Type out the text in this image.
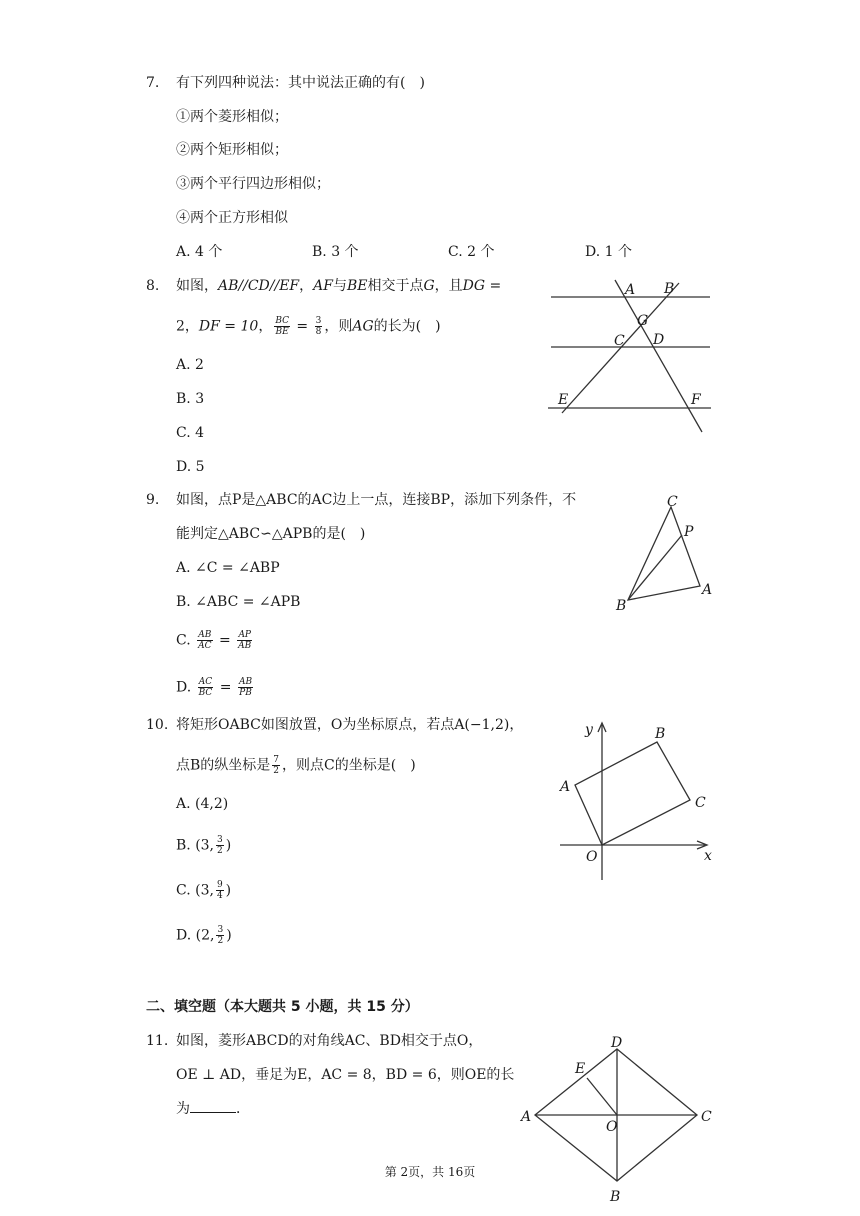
7. 有下列四种说法：其中说法正确的有(  )
①两个菱形相似；
②两个矩形相似；
③两个平行四边形相似；
④两个正方形相似
A. 4 个	B. 3 个	C. 2 个	D. 1 个
8. 如图，AB//CD//EF，AF与BE相交于点G，且DG =
2，DF = 10， $\frac{BC}{BE} = \frac{3}{8}$ ，则AG的长为(  )
A. 2
B. 3
C. 4
D. 5
A B
G
C D
E	F
9. 如图，点P是△ABC的AC边上一点，连接BP，添加下列条件，不
能判定△ABC∽△APB的是(  )
A. ∠C = ∠ABP
B. ∠ABC = ∠APB
C. $\frac{AB}{AC} = \frac{AP}{AB}$
D. $\frac{AC}{BC} = \frac{AB}{PB}$
C
P
B
A
10. 将矩形OABC如图放置，O为坐标原点，若点A(−1,2)，
点B的纵坐标是 $\frac{7}{2}$ ，则点C的坐标是(  )
A. (4,2)
B. (3, $\frac{3}{2}$ )
C. (3, $\frac{9}{4}$ )
D. (2, $\frac{3}{2}$ )
y	B
A
C
O	x
二、填空题（本大题共 5 小题，共 15 分）
11. 如图，菱形ABCD的对角线AC、BD相交于点O，
OE ⊥ AD，垂足为E，AC = 8，BD = 6，则OE的长
为	．
D
E
A
O
C
B
第 2页，共 16页
